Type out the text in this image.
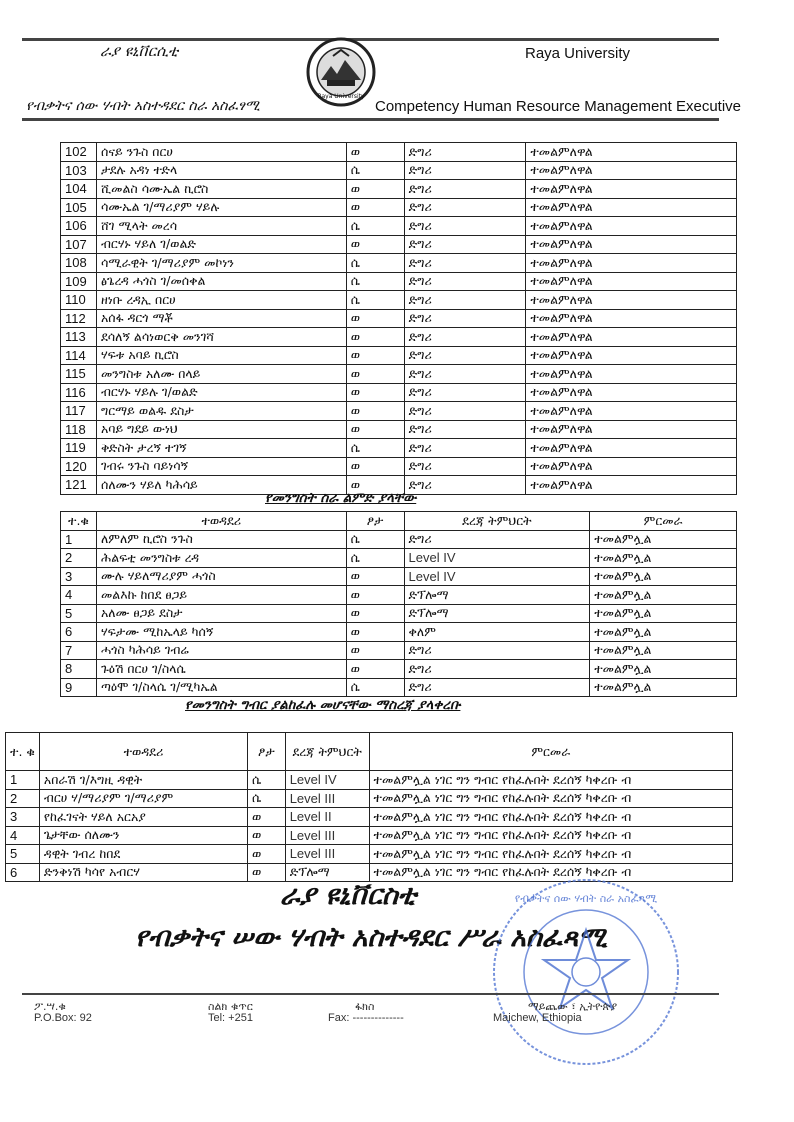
ራያ ዩኒቨርሲቲ	Raya University
Raya University
የብቃትና ሰው ሃብት አስተዳደር ስራ አስፈፃሚ	Competency Human Resource Management Executive
102	ሰናይ ንጉስ በርሀ	ወ	ድግሪ	ተመልምለዋል
103	ታደሉ አዳነ ተድላ	ሴ	ድግሪ	ተመልምለዋል
104	ሺመልስ ሳሙኤል ኪሮስ	ወ	ድግሪ	ተመልምለዋል
105	ሳሙኤል ገ/ማሪያም ሃይሉ	ወ	ድግሪ	ተመልምለዋል
106	ሸገ ሚላት መረሳ	ሴ	ድግሪ	ተመልምለዋል
107	ብርሃኑ ሃይለ ገ/ወልድ	ወ	ድግሪ	ተመልምለዋል
108	ሳሚራዊት ገ/ማሪያም መኮነን	ሴ	ድግሪ	ተመልምለዋል
109	ፅጌረዳ ሓጎስ ገ/መሰቀል	ሴ	ድግሪ	ተመልምለዋል
110	ዘነቡ ረዳኢ በርሀ	ሴ	ድግሪ	ተመልምለዋል
112	አሰፋ ዳርጎ ማቾ	ወ	ድግሪ	ተመልምለዋል
113	ደሳለኝ ልሳነወርቅ መንገሻ	ወ	ድግሪ	ተመልምለዋል
114	ሃፍቱ አባይ ኪሮስ	ወ	ድግሪ	ተመልምለዋል
115	መንግስቱ አለሙ በላይ	ወ	ድግሪ	ተመልምለዋል
116	ብርሃኑ ሃይሉ ገ/ወልድ	ወ	ድግሪ	ተመልምለዋል
117	ግርማይ ወልዱ ደስታ	ወ	ድግሪ	ተመልምለዋል
118	አባይ ግደይ ውነህ	ወ	ድግሪ	ተመልምለዋል
119	ቅድስት ታረኝ ተገኝ	ሴ	ድግሪ	ተመልምለዋል
120	ገብሩ ንጉስ ባይነሳኝ	ወ	ድግሪ	ተመልምለዋል
121	ሰለሙን ሃይለ ካሕሳይ	ወ	ድግሪ	ተመልምለዋል
የመንግስት ስራ ልምድ ያላቸው
ተ.ቁ	ተወዳደሪ	ፆታ	ደረጃ ትምህርት	ምርመራ
1	ለምለም ኪሮስ ንጉስ	ሴ	ድግሪ	ተመልምሏል
2	ሕልፍቲ መንግስቱ ረዳ	ሴ	Level IV	ተመልምሏል
3	ሙሉ ሃይለማሪያም ሓጎስ	ወ	Level IV	ተመልምሏል
4	መልእኩ ከበደ ፀጋይ	ወ	ድፕሎማ	ተመልምሏል
5	አለሙ ፀጋይ ደስታ	ወ	ድፕሎማ	ተመልምሏል
6	ሃፍታሙ ሚከኤላይ ካሰኝ	ወ	ቀለም	ተመልምሏል
7	ሓጎስ ካሕሳይ ገብሬ	ወ	ድግሪ	ተመልምሏል
8	ጉዕሽ በርሀ ገ/ስላሴ	ወ	ድግሪ	ተመልምሏል
9	ጣዕሞ ገ/ስላሴ ገ/ሚካኤል	ሴ	ድግሪ	ተመልምሏል
የመንግስት ግብር ያልከፈሉ መሆናቸው ማስረጃ ያላቀረቡ
ተ. ቁ	ተወዳደሪ	ፆታ	ደረጃ ትምህርት	ምርመራ
1	አበራሽ ገ/እግዚ ዳዊት	ሴ	Level IV	ተመልምሏል ነገር ግን ግብር የከፈሉበት ደረሰኝ ካቀረቡ ብ
2	ብርሀ ሃ/ማሪያም ገ/ማሪያም	ሴ	Level III	ተመልምሏል ነገር ግን ግብር የከፈሉበት ደረሰኝ ካቀረቡ ብ
3	የከፈገናት ሃይለ አርአያ	ወ	Level II	ተመልምሏል ነገር ግን ግብር የከፈሉበት ደረሰኝ ካቀረቡ ብ
4	ጌታቸው ሰለሙን	ወ	Level III	ተመልምሏል ነገር ግን ግብር የከፈሉበት ደረሰኝ ካቀረቡ ብ
5	ዳዊት ገብረ ከበደ	ወ	Level III	ተመልምሏል ነገር ግን ግብር የከፈሉበት ደረሰኝ ካቀረቡ ብ
6	ድንቅነሽ ካሳየ አብርሃ	ወ	ድፕሎማ	ተመልምሏል ነገር ግን ግብር የከፈሉበት ደረሰኝ ካቀረቡ ብ
ራያ ዩኒቨርስቲ
የብቃትና ሠው ሃብት አስተዳደር ሥራ አስፈጻሚ
የብቃትና ሰው ሃብት ስራ አስፈጻሚ
ፖ.ሣ.ቁ
P.O.Box: 92
ስልክ ቁጥር
Tel: +251
ፋክስ
Fax: --------------
ማይጨው ፣ ኢትዮጵያ
Maichew, Ethiopia
